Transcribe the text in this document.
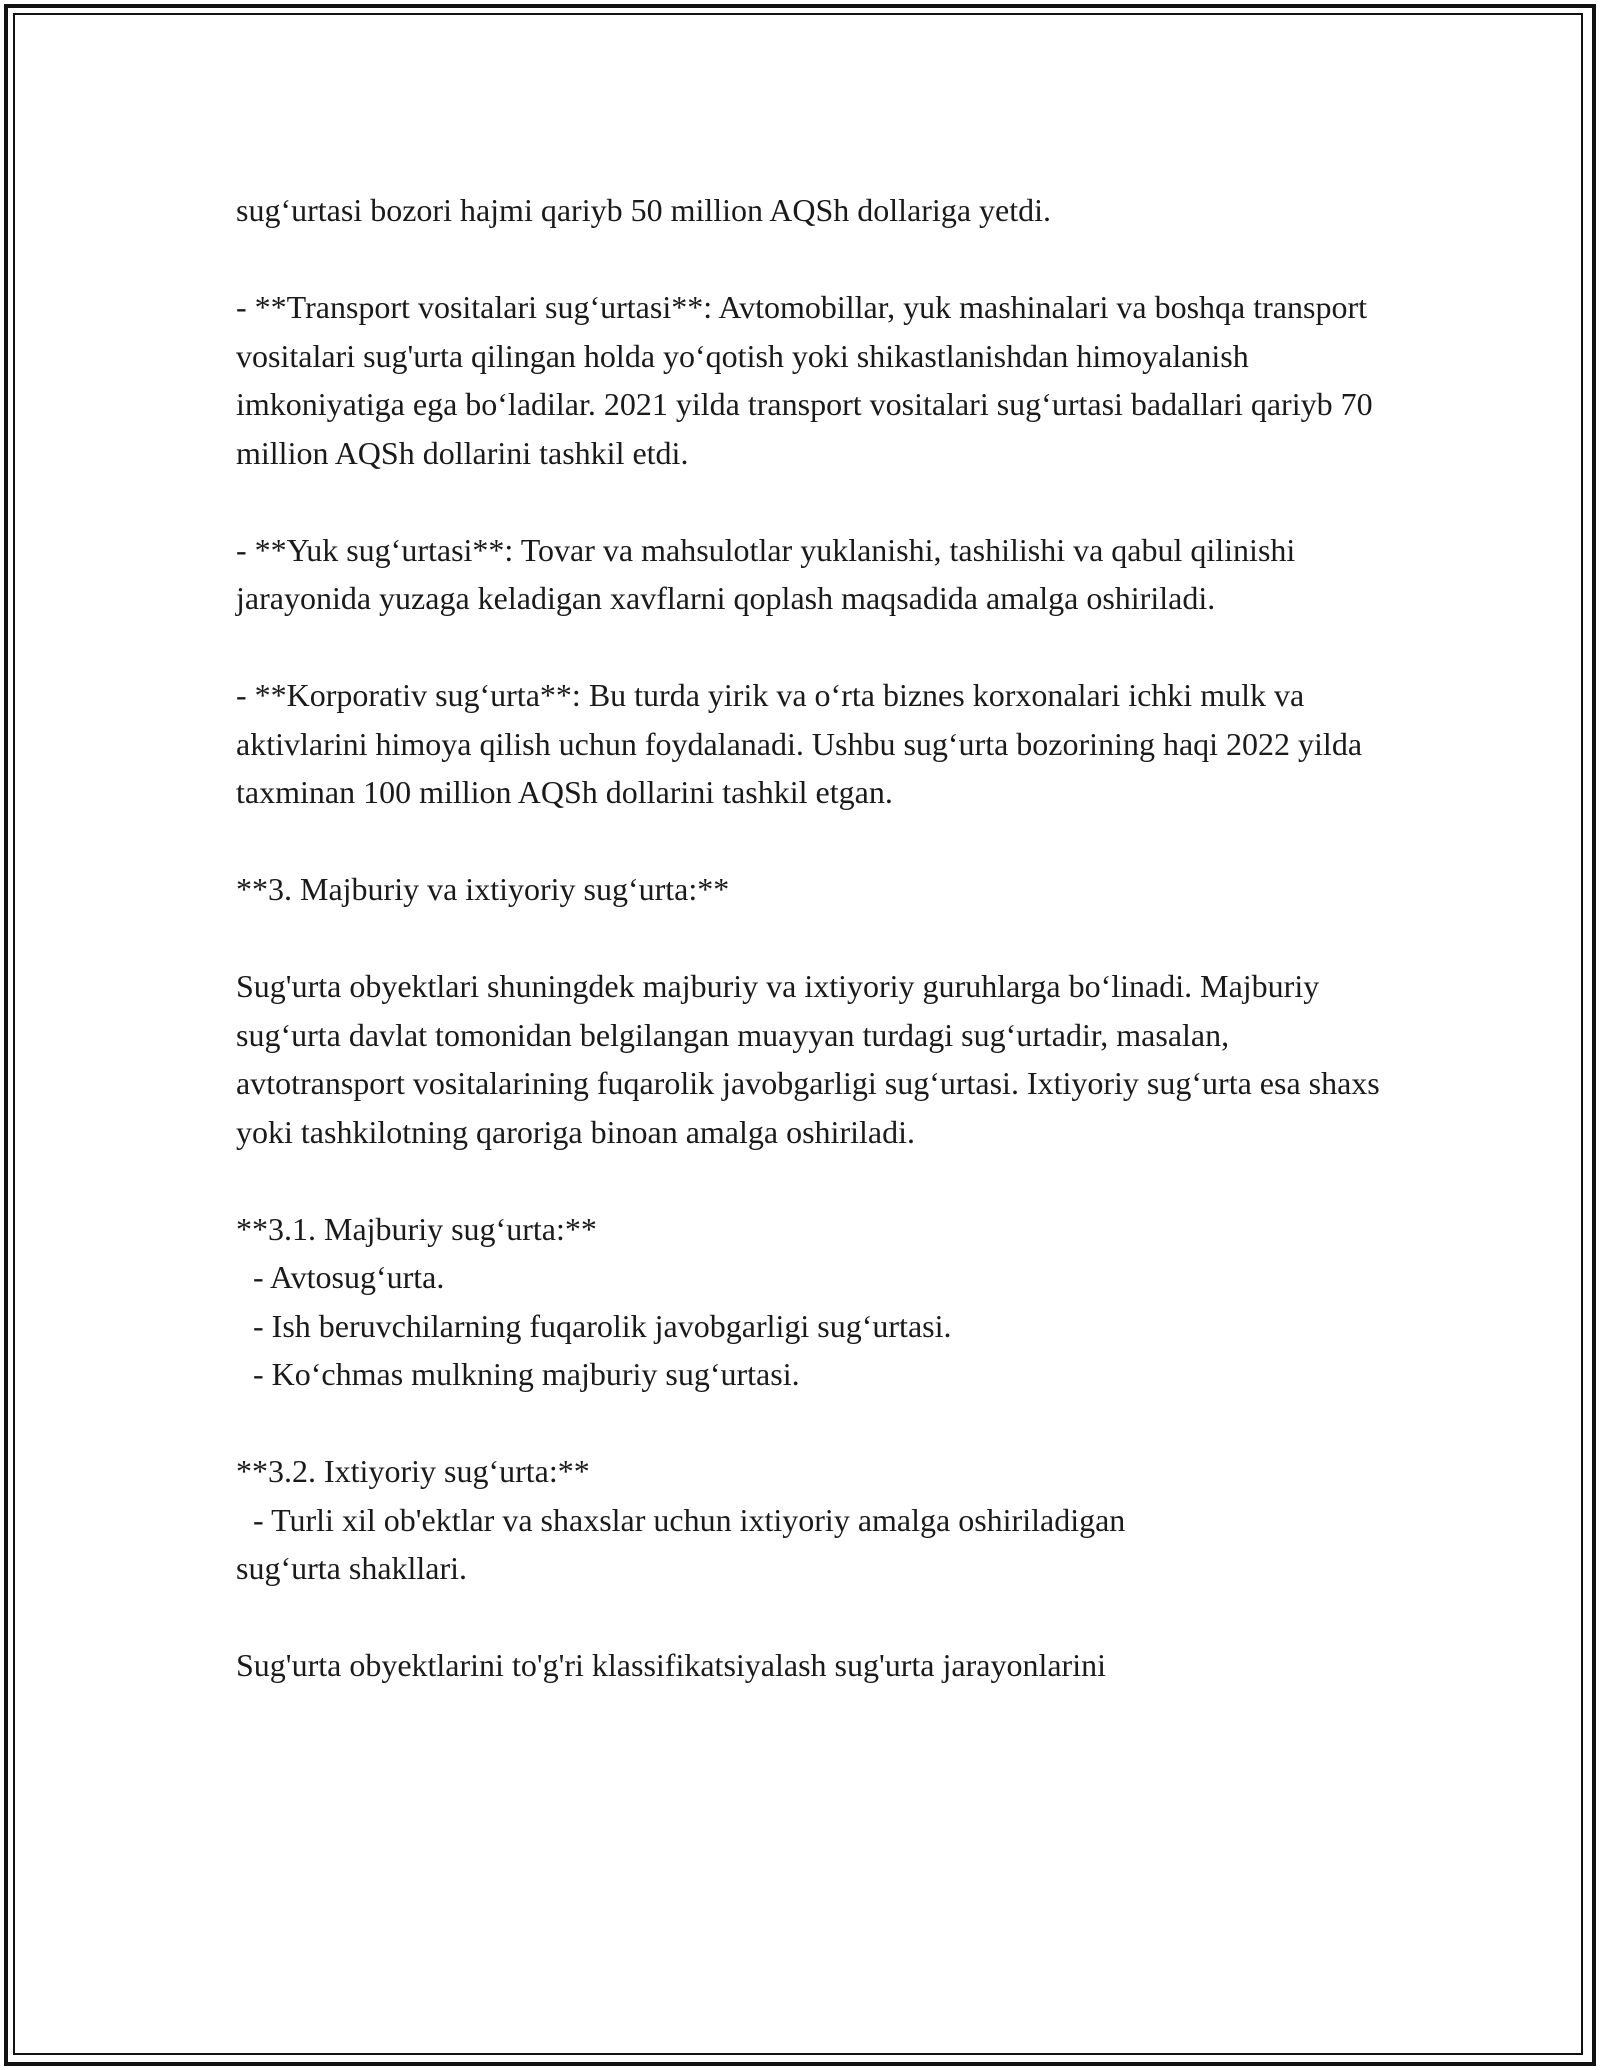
sug‘urtasi bozori hajmi qariyb 50 million AQSh dollariga yetdi.

- **Transport vositalari sug‘urtasi**: Avtomobillar, yuk mashinalari va boshqa transport vositalari sug'urta qilingan holda yo‘qotish yoki shikastlanishdan himoyalanish imkoniyatiga ega bo‘ladilar. 2021 yilda transport vositalari sug‘urtasi badallari qariyb 70 million AQSh dollarini tashkil etdi.

- **Yuk sug‘urtasi**: Tovar va mahsulotlar yuklanishi, tashilishi va qabul qilinishi jarayonida yuzaga keladigan xavflarni qoplash maqsadida amalga oshiriladi.

- **Korporativ sug‘urta**: Bu turda yirik va o‘rta biznes korxonalari ichki mulk va aktivlarini himoya qilish uchun foydalanadi. Ushbu sug‘urta bozorining haqi 2022 yilda taxminan 100 million AQSh dollarini tashkil etgan.

**3. Majburiy va ixtiyoriy sug‘urta:**

Sug'urta obyektlari shuningdek majburiy va ixtiyoriy guruhlarga bo‘linadi. Majburiy sug‘urta davlat tomonidan belgilangan muayyan turdagi sug‘urtadir, masalan, avtotransport vositalarining fuqarolik javobgarligi sug‘urtasi. Ixtiyoriy sug‘urta esa shaxs yoki tashkilotning qaroriga binoan amalga oshiriladi.

**3.1. Majburiy sug‘urta:**
- Avtosug‘urta.
- Ish beruvchilarning fuqarolik javobgarligi sug‘urtasi.
- Ko‘chmas mulkning majburiy sug‘urtasi.
**3.2. Ixtiyoriy sug‘urta:**
- Turli xil ob'ektlar va shaxslar uchun ixtiyoriy amalga oshiriladigan
sug‘urta shakllari.

Sug'urta obyektlarini to'g'ri klassifikatsiyalash sug'urta jarayonlarini
